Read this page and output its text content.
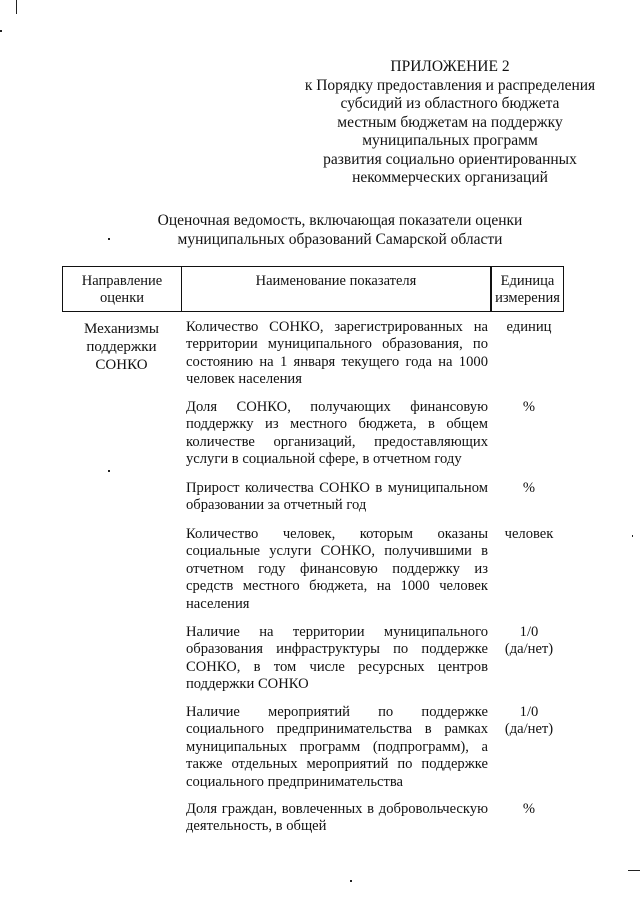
ПРИЛОЖЕНИЕ 2
к Порядку предоставления и распределения
субсидий из областного бюджета
местным бюджетам на поддержку
муниципальных программ
развития социально ориентированных
некоммерческих организаций
Оценочная ведомость, включающая показатели оценки
муниципальных образований Самарской области
Направление оценки
Наименование показателя	Единица измерения
Механизмы
поддержки
СОНКО
Количество СОНКО, зарегистрированных на территории муниципального образования, по состоянию на 1 января текущего года на 1000 человек населения
единиц
Доля СОНКО, получающих финансовую поддержку из местного бюджета, в общем количестве организаций, предоставляющих услуги в социальной сфере, в отчетном году
%
Прирост количества СОНКО в муниципальном образовании за отчетный год
%
Количество человек, которым оказаны социальные услуги СОНКО, получившими в отчетном году финансовую поддержку из средств местного бюджета, на 1000 человек населения
человек
Наличие на территории муниципального образования инфраструктуры по поддержке СОНКО, в том числе ресурсных центров поддержки СОНКО
1/0
(да/нет)
Наличие мероприятий по поддержке социального предпринимательства в рамках муниципальных программ (подпрограмм), а также отдельных мероприятий по поддержке социального предпринимательства
1/0
(да/нет)
Доля граждан, вовлеченных в добровольческую деятельность, в общей
%
